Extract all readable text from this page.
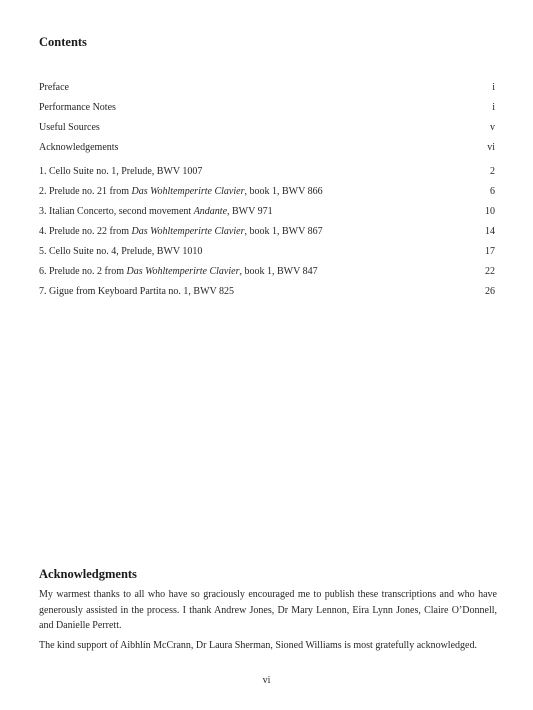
Contents
Preface	i
Performance Notes	i
Useful Sources	v
Acknowledgements	vi
1. Cello Suite no. 1, Prelude, BWV 1007	2
2. Prelude no. 21 from Das Wohltemperirte Clavier, book 1, BWV 866	6
3. Italian Concerto, second movement Andante, BWV 971	10
4. Prelude no. 22 from Das Wohltemperirte Clavier, book 1, BWV 867	14
5. Cello Suite no. 4, Prelude, BWV 1010	17
6. Prelude no. 2 from Das Wohltemperirte Clavier, book 1, BWV 847	22
7. Gigue from Keyboard Partita no. 1, BWV 825	26
Acknowledgments

My warmest thanks to all who have so graciously encouraged me to publish these transcriptions and who have generously assisted in the process. I thank Andrew Jones, Dr Mary Lennon, Eira Lynn Jones, Claire O’Donnell, and Danielle Perrett.

The kind support of Aibhlín McCrann, Dr Laura Sherman, Sioned Williams is most gratefully acknowledged.

vi
